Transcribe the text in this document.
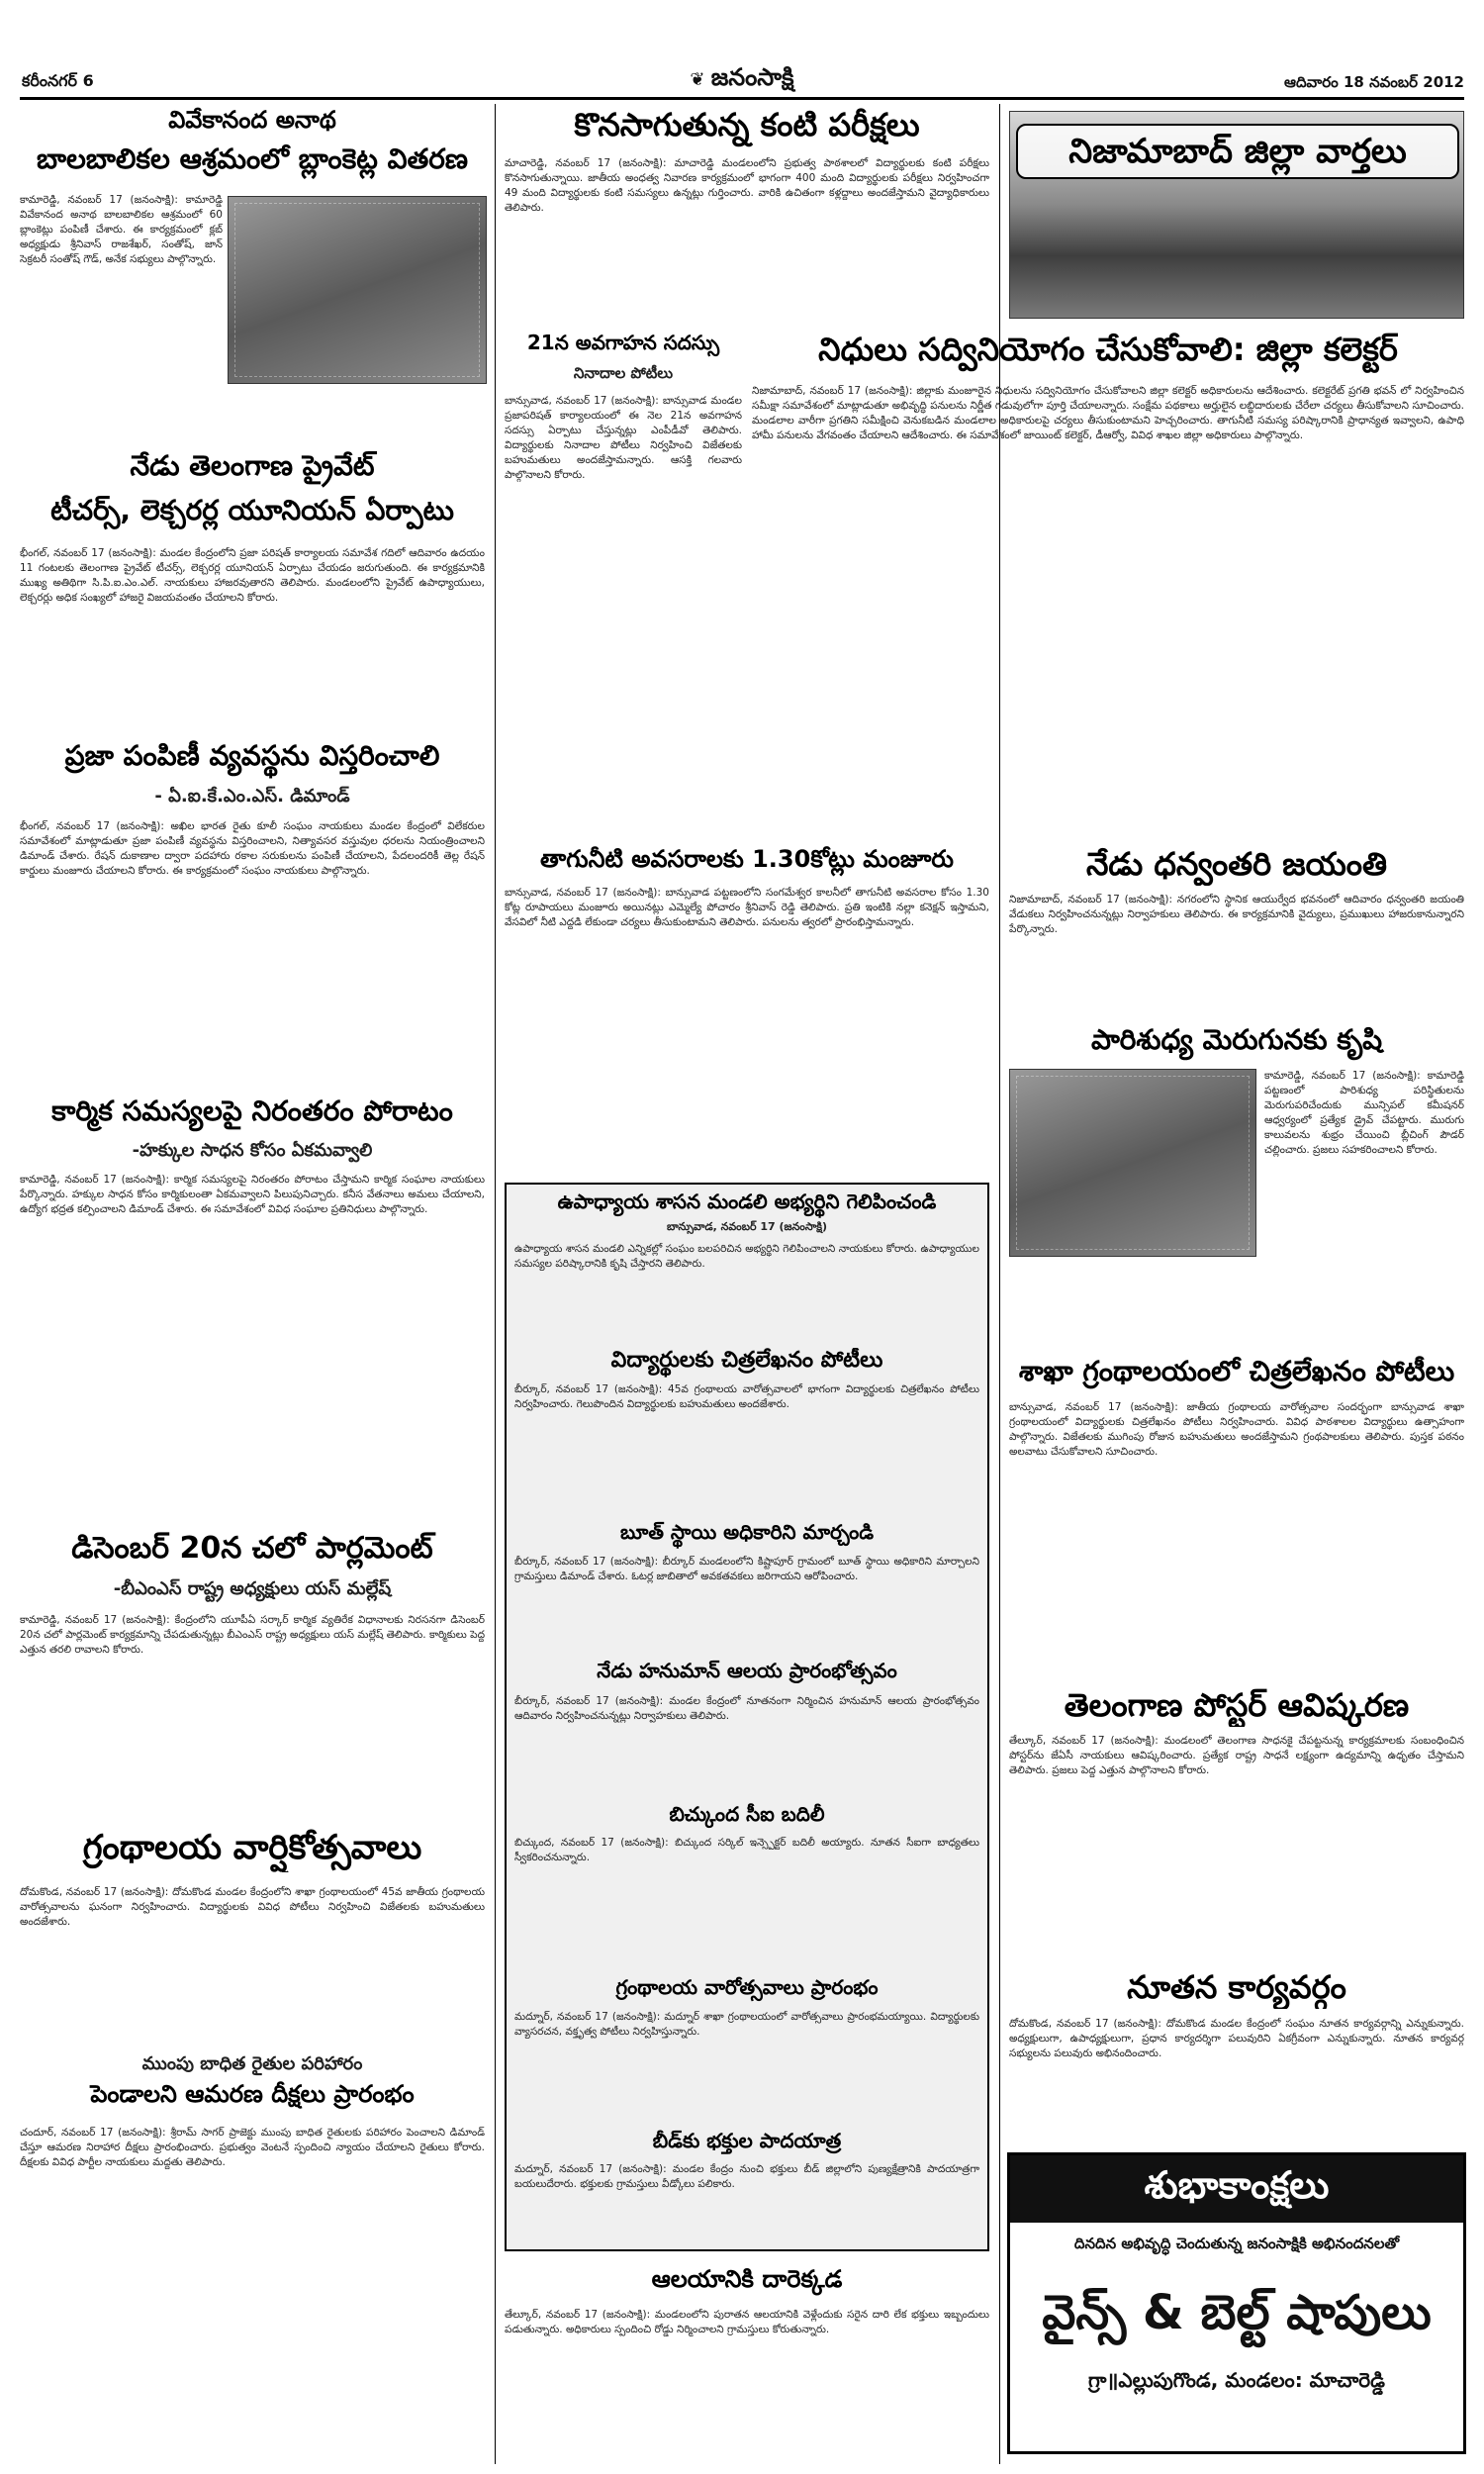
కరీంనగర్ 6	❦ జనంసాక్షి	ఆదివారం 18 నవంబర్ 2012
వివేకానంద అనాథ
బాలబాలికల ఆశ్రమంలో బ్లాంకెట్ల వితరణ
కామారెడ్డి, నవంబర్ 17 (జనంసాక్షి): కామారెడ్డి వివేకానంద అనాథ బాలబాలికల ఆశ్రమంలో 60 బ్లాంకెట్లు పంపిణీ చేశారు. ఈ కార్యక్రమంలో క్లబ్ అధ్యక్షుడు శ్రీనివాస్ రాజశేఖర్, సంతోష్, జాన్ సెక్రటరీ సంతోష్ గౌడ్, అనేక సభ్యులు పాల్గొన్నారు.
నేడు తెలంగాణ ప్రైవేట్
టీచర్స్, లెక్చరర్ల యూనియన్ ఏర్పాటు
భీంగల్, నవంబర్ 17 (జనంసాక్షి): మండల కేంద్రంలోని ప్రజా పరిషత్ కార్యాలయ సమావేశ గదిలో ఆదివారం ఉదయం 11 గంటలకు తెలంగాణ ప్రైవేట్ టీచర్స్, లెక్చరర్ల యూనియన్ ఏర్పాటు చేయడం జరుగుతుంది. ఈ కార్యక్రమానికి ముఖ్య అతిథిగా సి.పి.ఐ.ఎం.ఎల్. నాయకులు హాజరవుతారని తెలిపారు. మండలంలోని ప్రైవేట్ ఉపాధ్యాయులు, లెక్చరర్లు అధిక సంఖ్యలో హాజరై విజయవంతం చేయాలని కోరారు.
ప్రజా పంపిణీ వ్యవస్థను విస్తరించాలి
- ఏ.ఐ.కే.ఎం.ఎస్. డిమాండ్
భీంగల్, నవంబర్ 17 (జనంసాక్షి): అఖిల భారత రైతు కూలీ సంఘం నాయకులు మండల కేంద్రంలో విలేకరుల సమావేశంలో మాట్లాడుతూ ప్రజా పంపిణీ వ్యవస్థను విస్తరించాలని, నిత్యావసర వస్తువుల ధరలను నియంత్రించాలని డిమాండ్ చేశారు. రేషన్ దుకాణాల ద్వారా పదహారు రకాల సరుకులను పంపిణీ చేయాలని, పేదలందరికీ తెల్ల రేషన్ కార్డులు మంజూరు చేయాలని కోరారు. ఈ కార్యక్రమంలో సంఘం నాయకులు పాల్గొన్నారు.
కార్మిక సమస్యలపై నిరంతరం పోరాటం
-హక్కుల సాధన కోసం ఏకమవ్వాలి
కామారెడ్డి, నవంబర్ 17 (జనంసాక్షి): కార్మిక సమస్యలపై నిరంతరం పోరాటం చేస్తామని కార్మిక సంఘాల నాయకులు పేర్కొన్నారు. హక్కుల సాధన కోసం కార్మికులంతా ఏకమవ్వాలని పిలుపునిచ్చారు. కనీస వేతనాలు అమలు చేయాలని, ఉద్యోగ భద్రత కల్పించాలని డిమాండ్ చేశారు. ఈ సమావేశంలో వివిధ సంఘాల ప్రతినిధులు పాల్గొన్నారు.
డిసెంబర్ 20న చలో పార్లమెంట్
-బీఎంఎస్ రాష్ట్ర అధ్యక్షులు యస్ మల్లేష్
కామారెడ్డి, నవంబర్ 17 (జనంసాక్షి): కేంద్రంలోని యూపీఏ సర్కార్ కార్మిక వ్యతిరేక విధానాలకు నిరసనగా డిసెంబర్ 20న చలో పార్లమెంట్ కార్యక్రమాన్ని చేపడుతున్నట్లు బీఎంఎస్ రాష్ట్ర అధ్యక్షులు యస్ మల్లేష్ తెలిపారు. కార్మికులు పెద్ద ఎత్తున తరలి రావాలని కోరారు.
గ్రంథాలయ వార్షికోత్సవాలు
దోమకొండ, నవంబర్ 17 (జనంసాక్షి): దోమకొండ మండల కేంద్రంలోని శాఖా గ్రంథాలయంలో 45వ జాతీయ గ్రంథాలయ వారోత్సవాలను ఘనంగా నిర్వహించారు. విద్యార్థులకు వివిధ పోటీలు నిర్వహించి విజేతలకు బహుమతులు అందజేశారు.
ముంపు బాధిత రైతుల పరిహారం
పెండాలని ఆమరణ దీక్షలు ప్రారంభం
చందూర్, నవంబర్ 17 (జనంసాక్షి): శ్రీరామ్ సాగర్ ప్రాజెక్టు ముంపు బాధిత రైతులకు పరిహారం పెంచాలని డిమాండ్ చేస్తూ ఆమరణ నిరాహార దీక్షలు ప్రారంభించారు. ప్రభుత్వం వెంటనే స్పందించి న్యాయం చేయాలని రైతులు కోరారు. దీక్షలకు వివిధ పార్టీల నాయకులు మద్దతు తెలిపారు.
కొనసాగుతున్న కంటి పరీక్షలు
మాచారెడ్డి, నవంబర్ 17 (జనంసాక్షి): మాచారెడ్డి మండలంలోని ప్రభుత్వ పాఠశాలలో విద్యార్థులకు కంటి పరీక్షలు కొనసాగుతున్నాయి. జాతీయ అంధత్వ నివారణ కార్యక్రమంలో భాగంగా 400 మంది విద్యార్థులకు పరీక్షలు నిర్వహించగా 49 మంది విద్యార్థులకు కంటి సమస్యలు ఉన్నట్లు గుర్తించారు. వారికి ఉచితంగా కళ్లద్దాలు అందజేస్తామని వైద్యాధికారులు తెలిపారు.
21న అవగాహన సదస్సు
నినాదాల పోటీలు
బాన్సువాడ, నవంబర్ 17 (జనంసాక్షి): బాన్సువాడ మండల ప్రజాపరిషత్ కార్యాలయంలో ఈ నెల 21న అవగాహన సదస్సు ఏర్పాటు చేస్తున్నట్లు ఎంపీడీవో తెలిపారు. విద్యార్థులకు నినాదాల పోటీలు నిర్వహించి విజేతలకు బహుమతులు అందజేస్తామన్నారు. ఆసక్తి గలవారు పాల్గొనాలని కోరారు.
తాగునీటి అవసరాలకు 1.30కోట్లు మంజూరు
బాన్సువాడ, నవంబర్ 17 (జనంసాక్షి): బాన్సువాడ పట్టణంలోని సంగమేశ్వర కాలనీలో తాగునీటి అవసరాల కోసం 1.30 కోట్ల రూపాయలు మంజూరు అయినట్లు ఎమ్మెల్యే పోచారం శ్రీనివాస్ రెడ్డి తెలిపారు. ప్రతి ఇంటికి నల్లా కనెక్షన్ ఇస్తామని, వేసవిలో నీటి ఎద్దడి లేకుండా చర్యలు తీసుకుంటామని తెలిపారు. పనులను త్వరలో ప్రారంభిస్తామన్నారు.
ఉపాధ్యాయ శాసన మండలి అభ్యర్థిని గెలిపించండి
బాన్సువాడ, నవంబర్ 17 (జనంసాక్షి)
ఉపాధ్యాయ శాసన మండలి ఎన్నికల్లో సంఘం బలపరిచిన అభ్యర్థిని గెలిపించాలని నాయకులు కోరారు. ఉపాధ్యాయుల సమస్యల పరిష్కారానికి కృషి చేస్తారని తెలిపారు.
విద్యార్థులకు చిత్రలేఖనం పోటీలు
బీర్కూర్, నవంబర్ 17 (జనంసాక్షి): 45వ గ్రంథాలయ వారోత్సవాలలో భాగంగా విద్యార్థులకు చిత్రలేఖనం పోటీలు నిర్వహించారు. గెలుపొందిన విద్యార్థులకు బహుమతులు అందజేశారు.
బూత్ స్థాయి అధికారిని మార్చండి
బీర్కూర్, నవంబర్ 17 (జనంసాక్షి): బీర్కూర్ మండలంలోని కిష్టాపూర్ గ్రామంలో బూత్ స్థాయి అధికారిని మార్చాలని గ్రామస్తులు డిమాండ్ చేశారు. ఓటర్ల జాబితాలో అవకతవకలు జరిగాయని ఆరోపించారు.
నేడు హనుమాన్ ఆలయ ప్రారంభోత్సవం
బీర్కూర్, నవంబర్ 17 (జనంసాక్షి): మండల కేంద్రంలో నూతనంగా నిర్మించిన హనుమాన్ ఆలయ ప్రారంభోత్సవం ఆదివారం నిర్వహించనున్నట్లు నిర్వాహకులు తెలిపారు.
బిచ్కుంద సీఐ బదిలీ
బిచ్కుంద, నవంబర్ 17 (జనంసాక్షి): బిచ్కుంద సర్కిల్ ఇన్స్పెక్టర్ బదిలీ అయ్యారు. నూతన సీఐగా బాధ్యతలు స్వీకరించనున్నారు.
గ్రంథాలయ వారోత్సవాలు ప్రారంభం
మద్నూర్, నవంబర్ 17 (జనంసాక్షి): మద్నూర్ శాఖా గ్రంథాలయంలో వారోత్సవాలు ప్రారంభమయ్యాయి. విద్యార్థులకు వ్యాసరచన, వక్తృత్వ పోటీలు నిర్వహిస్తున్నారు.
బీడ్‌కు భక్తుల పాదయాత్ర
మద్నూర్, నవంబర్ 17 (జనంసాక్షి): మండల కేంద్రం నుంచి భక్తులు బీడ్ జిల్లాలోని పుణ్యక్షేత్రానికి పాదయాత్రగా బయలుదేరారు. భక్తులకు గ్రామస్తులు వీడ్కోలు పలికారు.
ఆలయానికి దారెక్కడ
తేల్కూర్, నవంబర్ 17 (జనంసాక్షి): మండలంలోని పురాతన ఆలయానికి వెళ్లేందుకు సరైన దారి లేక భక్తులు ఇబ్బందులు పడుతున్నారు. అధికారులు స్పందించి రోడ్డు నిర్మించాలని గ్రామస్తులు కోరుతున్నారు.
నిజామాబాద్ జిల్లా వార్తలు
నిధులు సద్వినియోగం చేసుకోవాలి: జిల్లా కలెక్టర్
నిజామాబాద్, నవంబర్ 17 (జనంసాక్షి): జిల్లాకు మంజూరైన నిధులను సద్వినియోగం చేసుకోవాలని జిల్లా కలెక్టర్ అధికారులను ఆదేశించారు. కలెక్టరేట్ ప్రగతి భవన్ లో నిర్వహించిన సమీక్షా సమావేశంలో మాట్లాడుతూ అభివృద్ధి పనులను నిర్ణీత గడువులోగా పూర్తి చేయాలన్నారు. సంక్షేమ పథకాలు అర్హులైన లబ్ధిదారులకు చేరేలా చర్యలు తీసుకోవాలని సూచించారు. మండలాల వారీగా ప్రగతిని సమీక్షించి వెనుకబడిన మండలాల అధికారులపై చర్యలు తీసుకుంటామని హెచ్చరించారు. తాగునీటి సమస్య పరిష్కారానికి ప్రాధాన్యత ఇవ్వాలని, ఉపాధి హామీ పనులను వేగవంతం చేయాలని ఆదేశించారు. ఈ సమావేశంలో జాయింట్ కలెక్టర్, డీఆర్వో, వివిధ శాఖల జిల్లా అధికారులు పాల్గొన్నారు.
నేడు ధన్వంతరి జయంతి
నిజామాబాద్, నవంబర్ 17 (జనంసాక్షి): నగరంలోని స్థానిక ఆయుర్వేద భవనంలో ఆదివారం ధన్వంతరి జయంతి వేడుకలు నిర్వహించనున్నట్లు నిర్వాహకులు తెలిపారు. ఈ కార్యక్రమానికి వైద్యులు, ప్రముఖులు హాజరుకానున్నారని పేర్కొన్నారు.
పారిశుధ్య మెరుగునకు కృషి
కామారెడ్డి, నవంబర్ 17 (జనంసాక్షి): కామారెడ్డి పట్టణంలో పారిశుధ్య పరిస్థితులను మెరుగుపరిచేందుకు మున్సిపల్ కమీషనర్ ఆధ్వర్యంలో ప్రత్యేక డ్రైవ్ చేపట్టారు. మురుగు కాలువలను శుభ్రం చేయించి బ్లీచింగ్ పౌడర్ చల్లించారు. ప్రజలు సహకరించాలని కోరారు.
శాఖా గ్రంథాలయంలో చిత్రలేఖనం పోటీలు
బాన్సువాడ, నవంబర్ 17 (జనంసాక్షి): జాతీయ గ్రంథాలయ వారోత్సవాల సందర్భంగా బాన్సువాడ శాఖా గ్రంథాలయంలో విద్యార్థులకు చిత్రలేఖనం పోటీలు నిర్వహించారు. వివిధ పాఠశాలల విద్యార్థులు ఉత్సాహంగా పాల్గొన్నారు. విజేతలకు ముగింపు రోజున బహుమతులు అందజేస్తామని గ్రంథపాలకులు తెలిపారు. పుస్తక పఠనం అలవాటు చేసుకోవాలని సూచించారు.
తెలంగాణ పోస్టర్ ఆవిష్కరణ
తేల్కూర్, నవంబర్ 17 (జనంసాక్షి): మండలంలో తెలంగాణ సాధనకై చేపట్టనున్న కార్యక్రమాలకు సంబంధించిన పోస్టర్‌ను జేఏసీ నాయకులు ఆవిష్కరించారు. ప్రత్యేక రాష్ట్ర సాధనే లక్ష్యంగా ఉద్యమాన్ని ఉధృతం చేస్తామని తెలిపారు. ప్రజలు పెద్ద ఎత్తున పాల్గొనాలని కోరారు.
నూతన కార్యవర్గం
దోమకొండ, నవంబర్ 17 (జనంసాక్షి): దోమకొండ మండల కేంద్రంలో సంఘం నూతన కార్యవర్గాన్ని ఎన్నుకున్నారు. అధ్యక్షులుగా, ఉపాధ్యక్షులుగా, ప్రధాన కార్యదర్శిగా పలువురిని ఏకగ్రీవంగా ఎన్నుకున్నారు. నూతన కార్యవర్గ సభ్యులను పలువురు అభినందించారు.
శుభాకాంక్షలు
దినదిన అభివృద్ధి చెందుతున్న జనంసాక్షికి అభినందనలతో
వైన్స్ & బెల్ట్ షాపులు
గ్రా॥ఎల్లుపుగొండ, మండలం: మాచారెడ్డి
